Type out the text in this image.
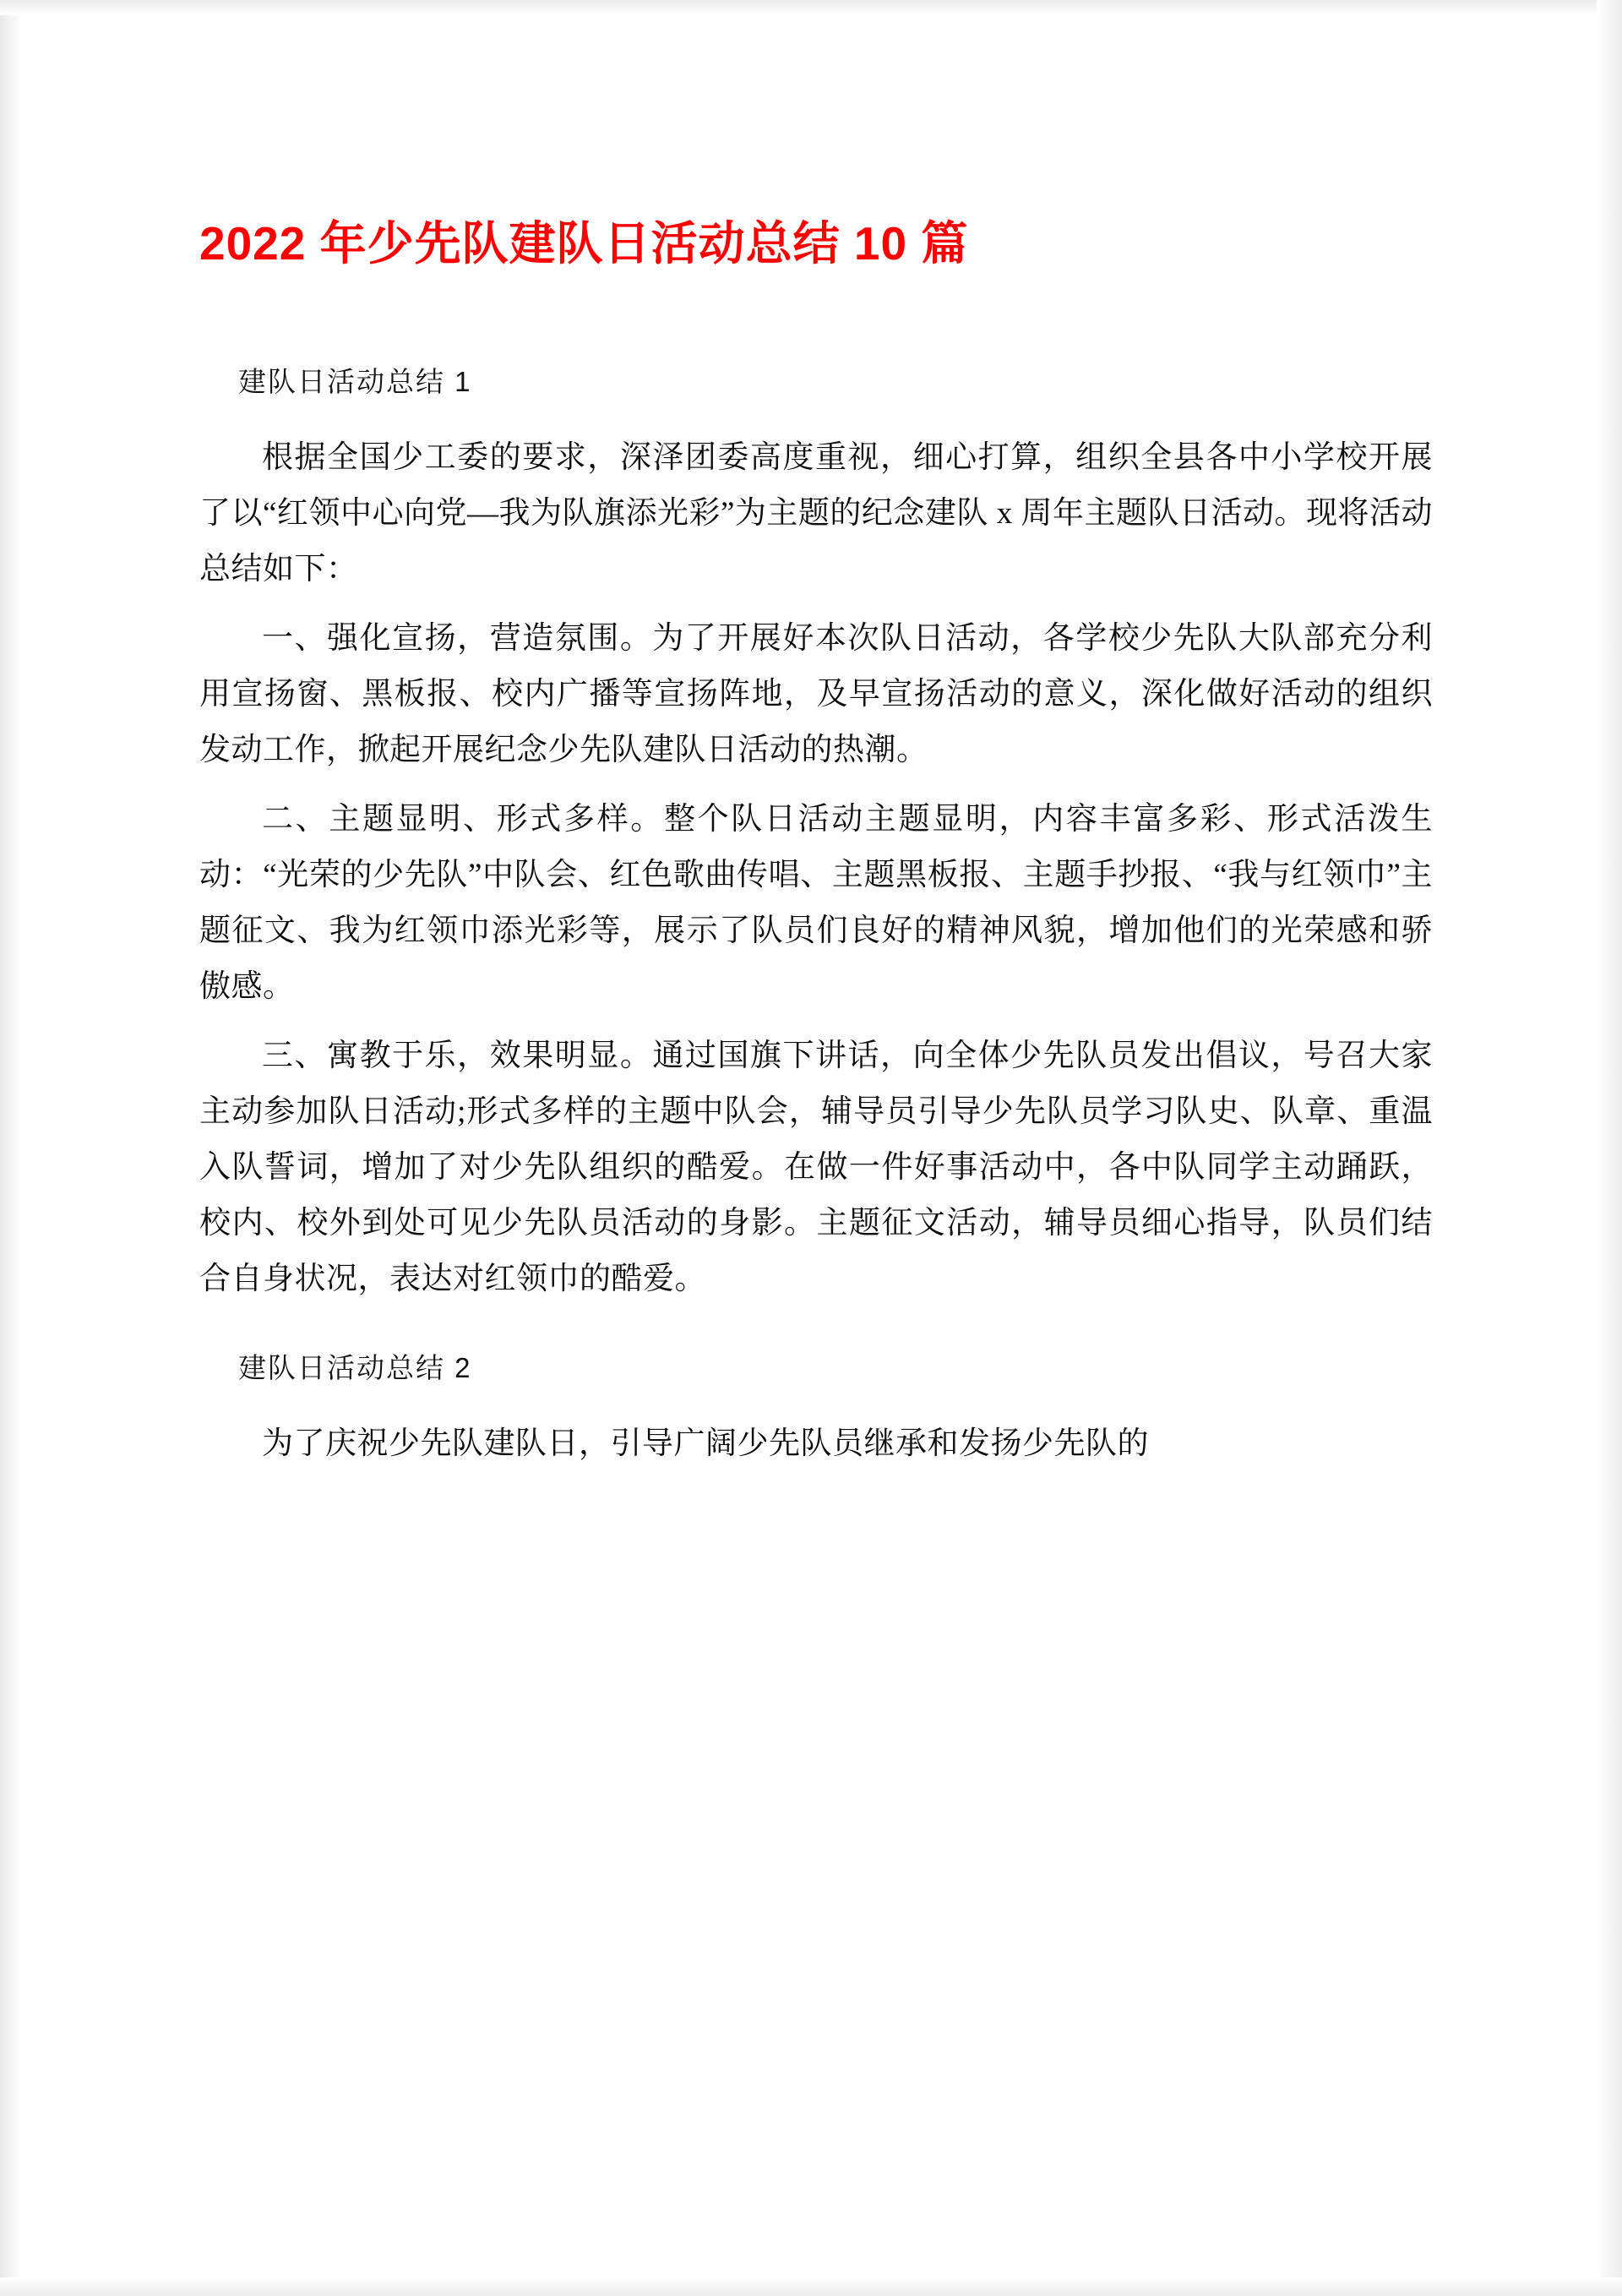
2022 年少先队建队日活动总结 10 篇
建队日活动总结 1

根据全国少工委的要求，深泽团委高度重视，细心打算，组织全县各中小学校开展了以“红领中心向党—我为队旗添光彩”为主题的纪念建队 x 周年主题队日活动。现将活动总结如下：

一、强化宣扬，营造氛围。为了开展好本次队日活动，各学校少先队大队部充分利用宣扬窗、黑板报、校内广播等宣扬阵地，及早宣扬活动的意义，深化做好活动的组织发动工作，掀起开展纪念少先队建队日活动的热潮。

二、主题显明、形式多样。整个队日活动主题显明，内容丰富多彩、形式活泼生动：“光荣的少先队”中队会、红色歌曲传唱、主题黑板报、主题手抄报、“我与红领巾”主题征文、我为红领巾添光彩等，展示了队员们良好的精神风貌，增加他们的光荣感和骄傲感。

三、寓教于乐，效果明显。通过国旗下讲话，向全体少先队员发出倡议，号召大家主动参加队日活动;形式多样的主题中队会，辅导员引导少先队员学习队史、队章、重温入队誓词，增加了对少先队组织的酷爱。在做一件好事活动中，各中队同学主动踊跃，校内、校外到处可见少先队员活动的身影。主题征文活动，辅导员细心指导，队员们结合自身状况，表达对红领巾的酷爱。

建队日活动总结 2

为了庆祝少先队建队日，引导广阔少先队员继承和发扬少先队的
